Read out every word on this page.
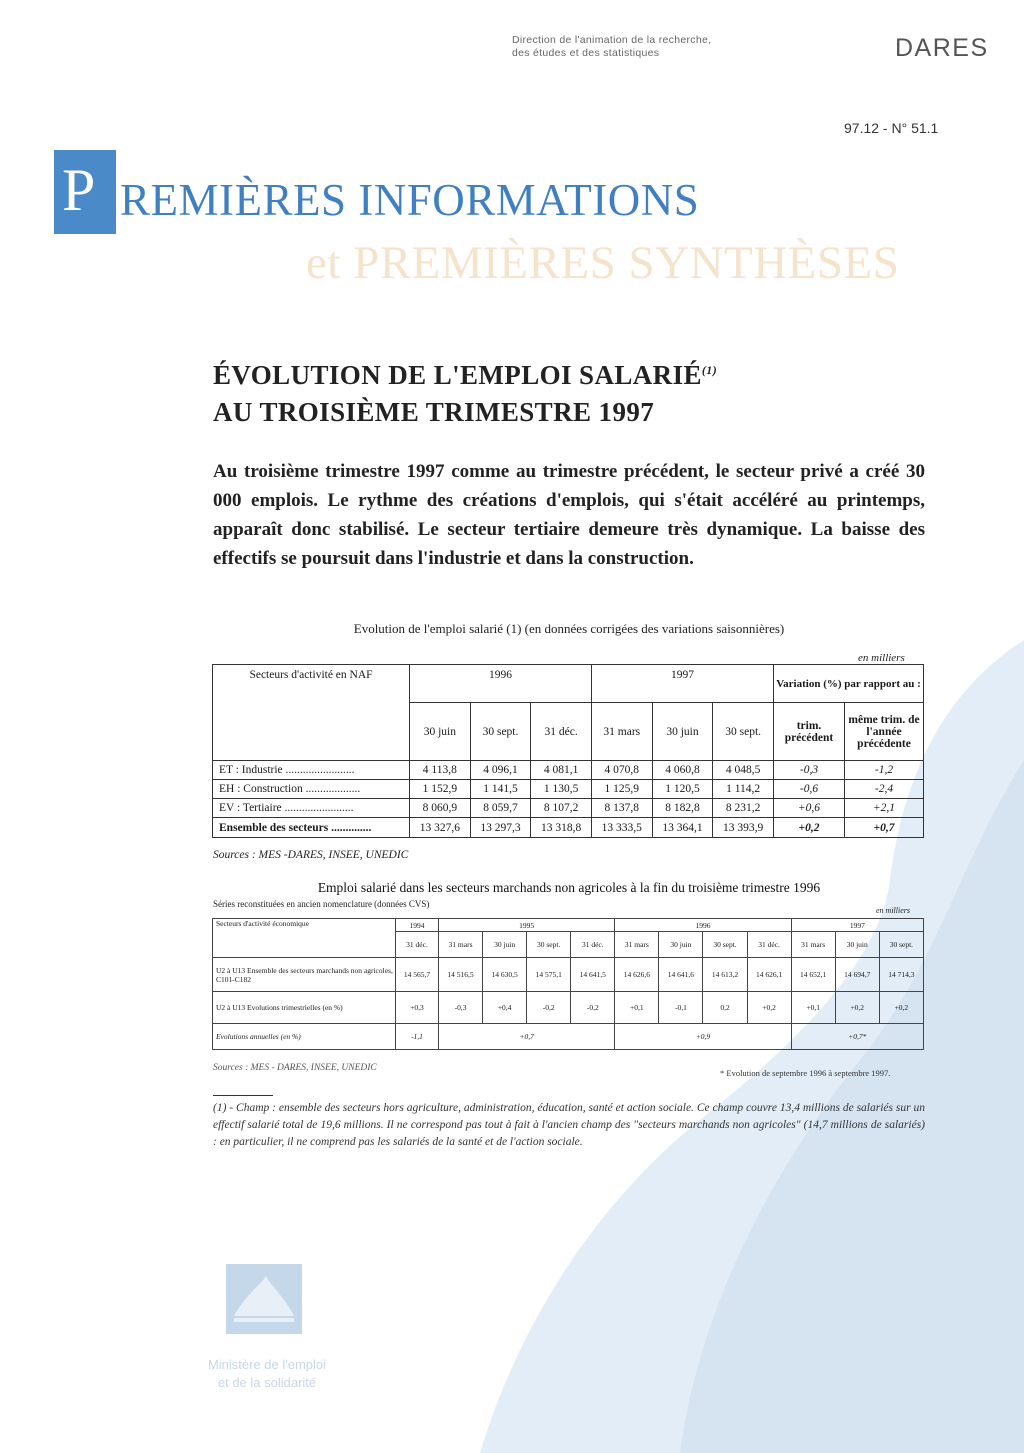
Direction de l'animation de la recherche,
des études et des statistiques	DARES
97.12 - N° 51.1
P REMIÈRES INFORMATIONS
et PREMIÈRES SYNTHÈSES
ÉVOLUTION DE L'EMPLOI SALARIÉ$^{(1)}$
AU TROISIÈME TRIMESTRE 1997
Au troisième trimestre 1997 comme au trimestre précédent, le secteur privé a créé 30 000 emplois. Le rythme des créations d'emplois, qui s'était accéléré au printemps, apparaît donc stabilisé. Le secteur tertiaire demeure très dynamique. La baisse des effectifs se poursuit dans l'industrie et dans la construction.
Evolution de l'emploi salarié (1) (en données corrigées des variations saisonnières)
en milliers
Secteurs d'activité en NAF	1996			1997			Variation (%) par rapport au :	
	30 juin	30 sept.	31 déc.	31 mars	30 juin	30 sept.	trim. précédent	même trim. de l'année précédente
ET : Industrie ........................	4 113,8	4 096,1	4 081,1	4 070,8	4 060,8	4 048,5	-0,3	-1,2
EH : Construction ...................	1 152,9	1 141,5	1 130,5	1 125,9	1 120,5	1 114,2	-0,6	-2,4
EV : Tertiaire ........................	8 060,9	8 059,7	8 107,2	8 137,8	8 182,8	8 231,2	+0,6	+2,1
Ensemble des secteurs ..............	13 327,6	13 297,3	13 318,8	13 333,5	13 364,1	13 393,9	+0,2	+0,7
Sources : MES -DARES, INSEE, UNEDIC
Emploi salarié dans les secteurs marchands non agricoles à la fin du troisième trimestre 1996
Séries reconstituées en ancien nomenclature (données CVS)
en milliers
Secteurs d'activité économique	1994	1995				1996				1997		
	31 déc.	31 mars	30 juin	30 sept.	31 déc.	31 mars	30 juin	30 sept.	31 déc.	31 mars	30 juin	30 sept.
U2 à U13 Ensemble des secteurs marchands non agricoles, C101-C182	14 565,7	14 516,5	14 630,5	14 575,1	14 641,5	14 626,6	14 641,6	14 613,2	14 626,1	14 652,1	14 694,7	14 714,3
U2 à U13 Evolutions trimestrielles (en %)	+0,3	-0,3	+0,4	-0,2	-0,2	+0,1	-0,1	0,2	+0,2	+0,1	+0,2	+0,2
Evolutions annuelles (en %)	-1,1	+0,7				+0,9				+0,7*		
Sources : MES - DARES, INSEE, UNEDIC	* Evolution de septembre 1996 à septembre 1997.
(1) - Champ : ensemble des secteurs hors agriculture, administration, éducation, santé et action sociale. Ce champ couvre 13,4 millions de salariés sur un effectif salarié total de 19,6 millions. Il ne correspond pas tout à fait à l'ancien champ des "secteurs marchands non agricoles" (14,7 millions de salariés) : en particulier, il ne comprend pas les salariés de la santé et de l'action sociale.
Ministère de l'emploi
et de la solidarité
